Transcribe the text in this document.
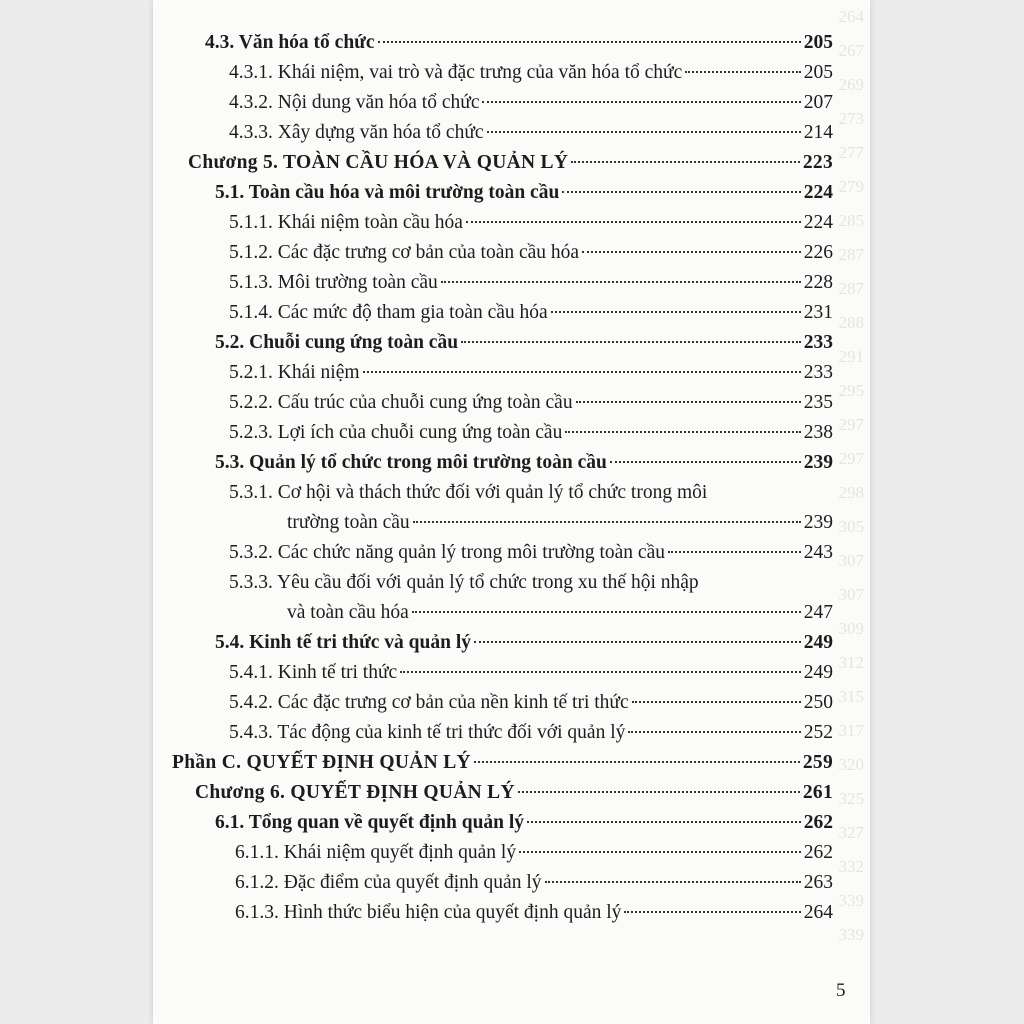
264
267
269
273
277
279
285
287
287
288
291
295
297
297
298
305
307
307
309
312
315
317
320
325
327
332
339
339
4.3. Văn hóa tổ chức	205
4.3.1. Khái niệm, vai trò và đặc trưng của văn hóa tổ chức	205
4.3.2. Nội dung văn hóa tổ chức	207
4.3.3. Xây dựng văn hóa tổ chức	214
Chương 5. TOÀN CẦU HÓA VÀ QUẢN LÝ	223
5.1. Toàn cầu hóa và môi trường toàn cầu	224
5.1.1. Khái niệm toàn cầu hóa	224
5.1.2. Các đặc trưng cơ bản của toàn cầu hóa	226
5.1.3. Môi trường toàn cầu	228
5.1.4. Các mức độ tham gia toàn cầu hóa	231
5.2. Chuỗi cung ứng toàn cầu	233
5.2.1. Khái niệm	233
5.2.2. Cấu trúc của chuỗi cung ứng toàn cầu	235
5.2.3. Lợi ích của chuỗi cung ứng toàn cầu	238
5.3. Quản lý tổ chức trong môi trường toàn cầu	239
5.3.1. Cơ hội và thách thức đối với quản lý tổ chức trong môi
trường toàn cầu	239
5.3.2. Các chức năng quản lý trong môi trường toàn cầu	243
5.3.3. Yêu cầu đối với quản lý tổ chức trong xu thế hội nhập
và toàn cầu hóa	247
5.4. Kinh tế tri thức và quản lý	249
5.4.1. Kinh tế tri thức	249
5.4.2. Các đặc trưng cơ bản của nền kinh tế tri thức	250
5.4.3. Tác động của kinh tế tri thức đối với quản lý	252
Phần C. QUYẾT ĐỊNH QUẢN LÝ	259
Chương 6. QUYẾT ĐỊNH QUẢN LÝ	261
6.1. Tổng quan về quyết định quản lý	262
6.1.1. Khái niệm quyết định quản lý	262
6.1.2. Đặc điểm của quyết định quản lý	263
6.1.3. Hình thức biểu hiện của quyết định quản lý	264
5
